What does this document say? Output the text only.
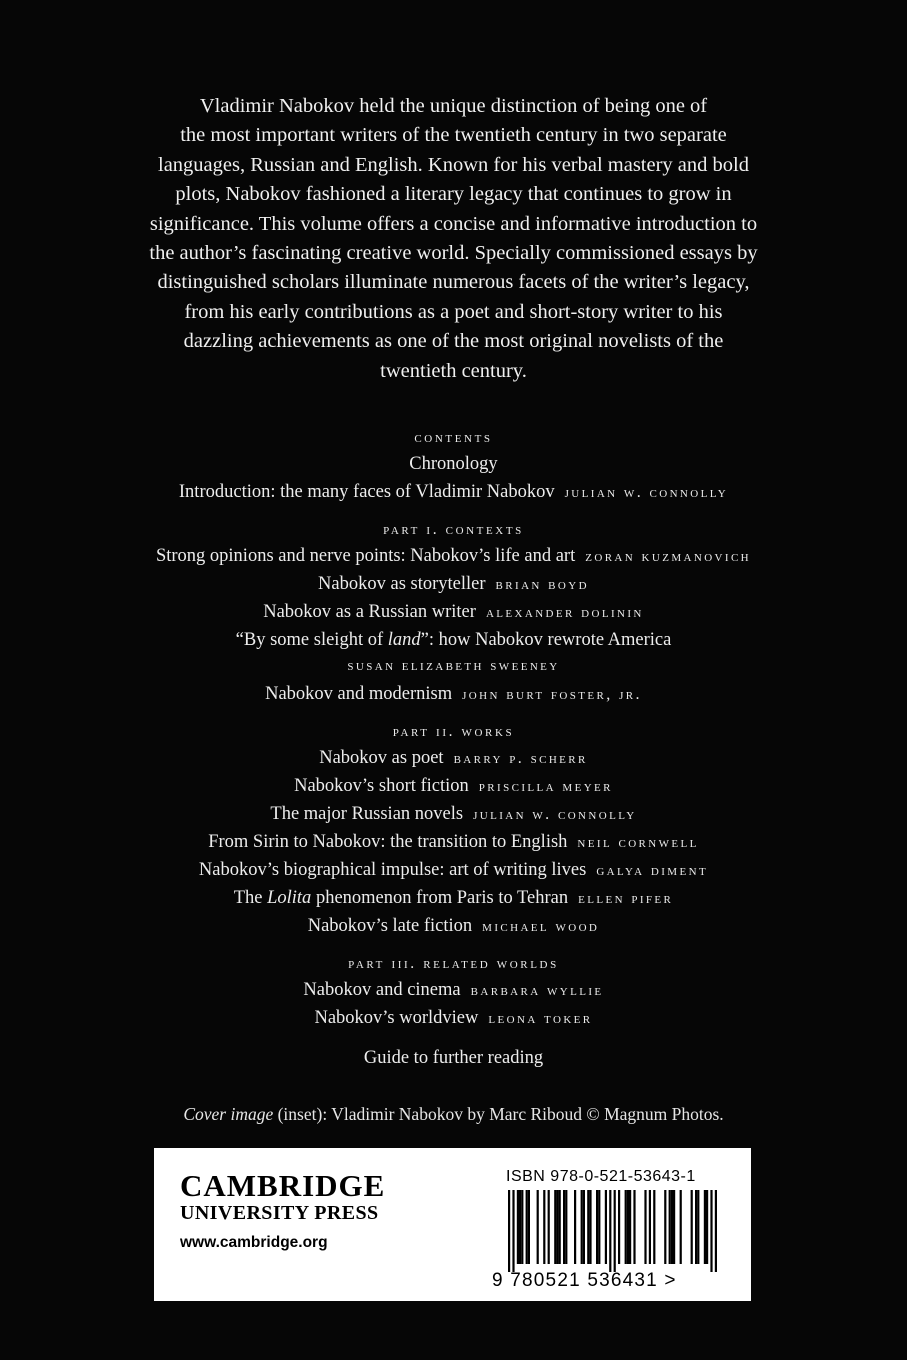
Vladimir Nabokov held the unique distinction of being one of

the most important writers of the twentieth century in two separate

languages, Russian and English. Known for his verbal mastery and bold

plots, Nabokov fashioned a literary legacy that continues to grow in

significance. This volume offers a concise and informative introduction to

the author’s fascinating creative world. Specially commissioned essays by

distinguished scholars illuminate numerous facets of the writer’s legacy,

from his early contributions as a poet and short-story writer to his

dazzling achievements as one of the most original novelists of the

twentieth century.

contents
Chronology
Introduction: the many faces of Vladimir Nabokov julian w. connolly
part i. contexts
Strong opinions and nerve points: Nabokov’s life and art zoran kuzmanovich
Nabokov as storyteller brian boyd
Nabokov as a Russian writer alexander dolinin
“By some sleight of land”: how Nabokov rewrote America
susan elizabeth sweeney
Nabokov and modernism john burt foster, jr.
part ii. works
Nabokov as poet barry p. scherr
Nabokov’s short fiction priscilla meyer
The major Russian novels julian w. connolly
From Sirin to Nabokov: the transition to English neil cornwell
Nabokov’s biographical impulse: art of writing lives galya diment
The Lolita phenomenon from Paris to Tehran ellen pifer
Nabokov’s late fiction michael wood
part iii. related worlds
Nabokov and cinema barbara wyllie
Nabokov’s worldview leona toker
Guide to further reading
Cover image (inset): Vladimir Nabokov by Marc Riboud © Magnum Photos.
CAMBRIDGE
UNIVERSITY PRESS
www.cambridge.org
ISBN 978-0-521-53643-1
9 780521 536431 >
